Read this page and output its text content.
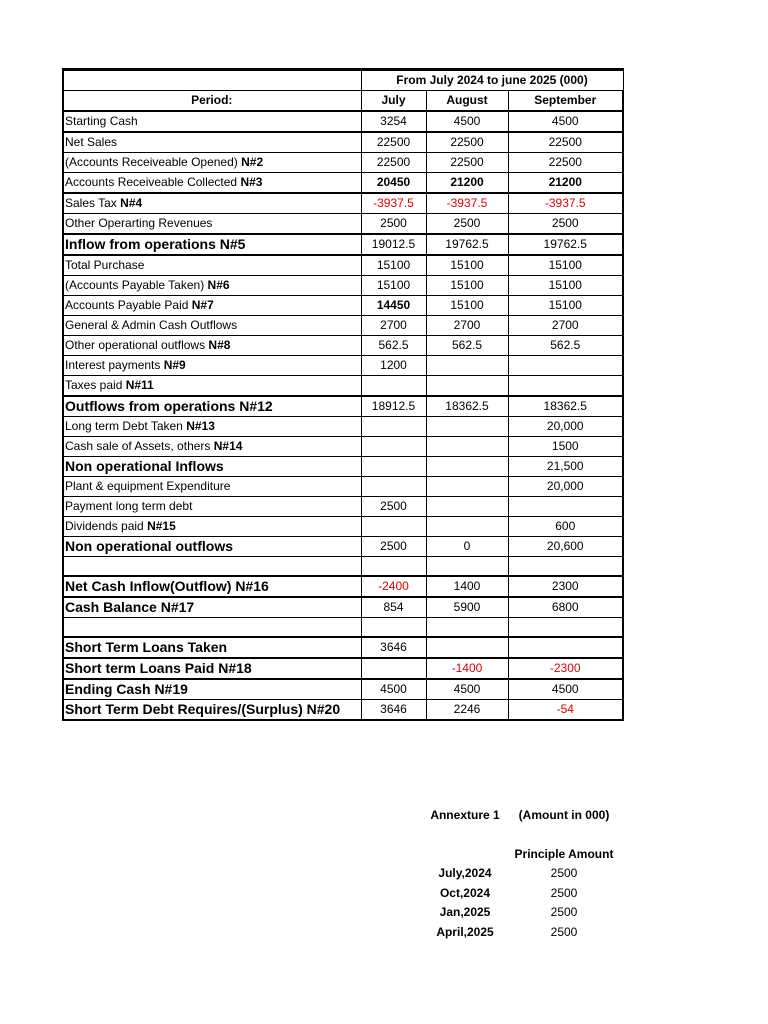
	From July 2024 to june 2025 (000)		
Period:	July	August	September
Starting Cash	3254	4500	4500
Net Sales	22500	22500	22500
(Accounts Receiveable Opened) N#2	22500	22500	22500
Accounts Receiveable Collected N#3	20450	21200	21200
Sales Tax N#4	-3937.5	-3937.5	-3937.5
Other Operarting Revenues	2500	2500	2500
Inflow from operations N#5	19012.5	19762.5	19762.5
Total Purchase	15100	15100	15100
(Accounts Payable Taken) N#6	15100	15100	15100
Accounts Payable Paid N#7	14450	15100	15100
General & Admin Cash Outflows	2700	2700	2700
Other operational outflows N#8	562.5	562.5	562.5
Interest payments N#9	1200		
Taxes paid N#11			
Outflows from operations N#12	18912.5	18362.5	18362.5
Long term Debt Taken N#13			20,000
Cash sale of Assets, others N#14			1500
Non operational Inflows			21,500
Plant & equipment Expenditure			20,000
Payment long term debt	2500		
Dividends paid N#15			600
Non operational outflows	2500	0	20,600

Net Cash Inflow(Outflow) N#16	-2400	1400	2300
Cash Balance N#17	854	5900	6800

Short Term Loans Taken	3646		
Short term Loans Paid N#18		-1400	-2300
Ending Cash N#19	4500	4500	4500
Short Term Debt Requires/(Surplus) N#20	3646	2246	-54
Annexture 1	(Amount in 000)

	Principle Amount
July,2024	2500
Oct,2024	2500
Jan,2025	2500
April,2025	2500
